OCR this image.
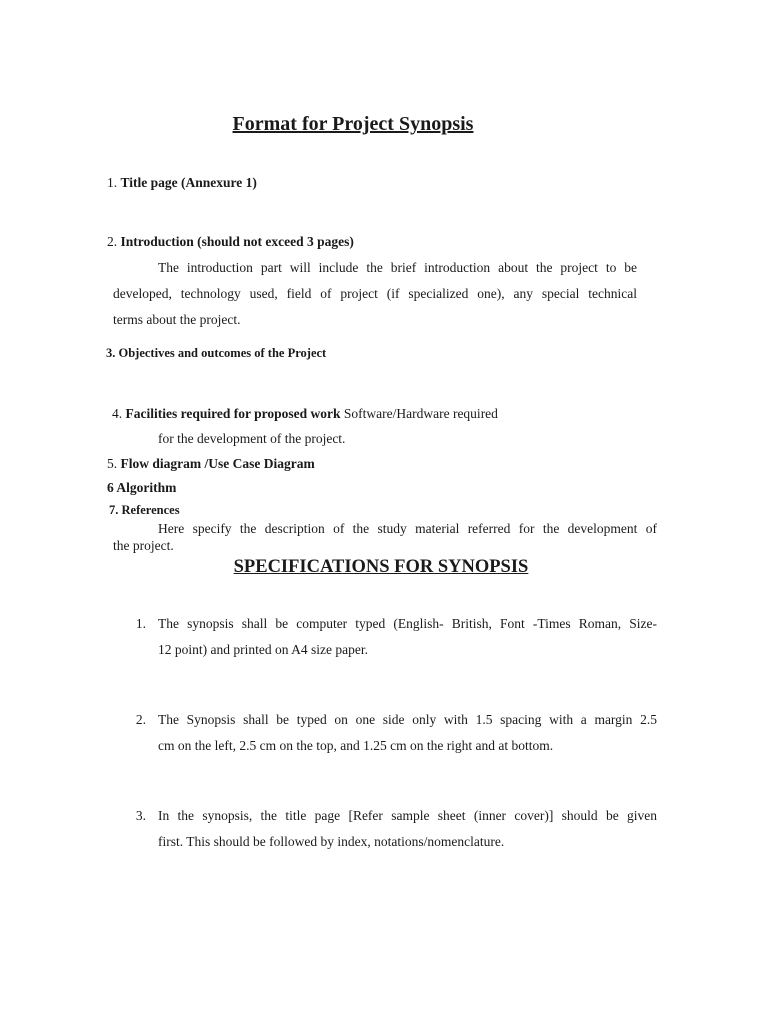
Format for Project Synopsis
1. Title page (Annexure 1)
2. Introduction (should not exceed 3 pages)
The introduction part will include the brief introduction about the project to be
developed, technology used, field of project (if specialized one), any special technical
terms about the project.
3. Objectives and outcomes of the Project
4. Facilities required for proposed work Software/Hardware required
for the development of the project.
5. Flow diagram /Use Case Diagram
6 Algorithm
7. References
Here specify the description of the study material referred for the development of
the project.
SPECIFICATIONS FOR SYNOPSIS
1. The synopsis shall be computer typed (English- British, Font -Times Roman, Size-
12 point) and printed on A4 size paper.
2. The Synopsis shall be typed on one side only with 1.5 spacing with a margin 2.5
cm on the left, 2.5 cm on the top, and 1.25 cm on the right and at bottom.
3. In the synopsis, the title page [Refer sample sheet (inner cover)] should be given
first. This should be followed by index, notations/nomenclature.
